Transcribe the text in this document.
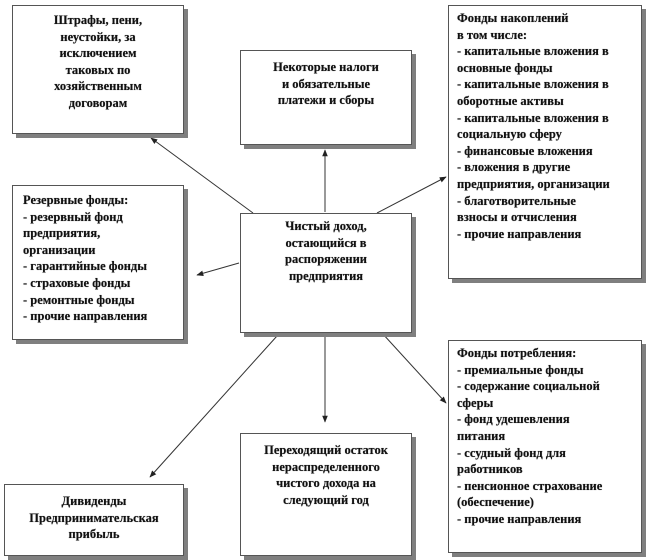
Штрафы, пени,
неустойки, за
исключением
таковых по
хозяйственным
договорам
Некоторые налоги
и обязательные
платежи и сборы
Фонды накоплений
в том числе:
- капитальные вложения в
основные фонды
- капитальные вложения в
оборотные активы
- капитальные вложения в
социальную сферу
- финансовые вложения
- вложения в другие
предприятия, организации
- благотворительные
взносы и отчисления
- прочие направления
Резервные фонды:
- резервный фонд
предприятия,
организации
- гарантийные фонды
- страховые фонды
- ремонтные фонды
- прочие направления
Чистый доход,
остающийся в
распоряжении
предприятия
Фонды потребления:
- премиальные фонды
- содержание социальной
сферы
- фонд удешевления
питания
- ссудный фонд для
работников
- пенсионное страхование
(обеспечение)
- прочие направления
Переходящий остаток
нераспределенного
чистого дохода на
следующий год
Дивиденды
Предпринимательская
прибыль
